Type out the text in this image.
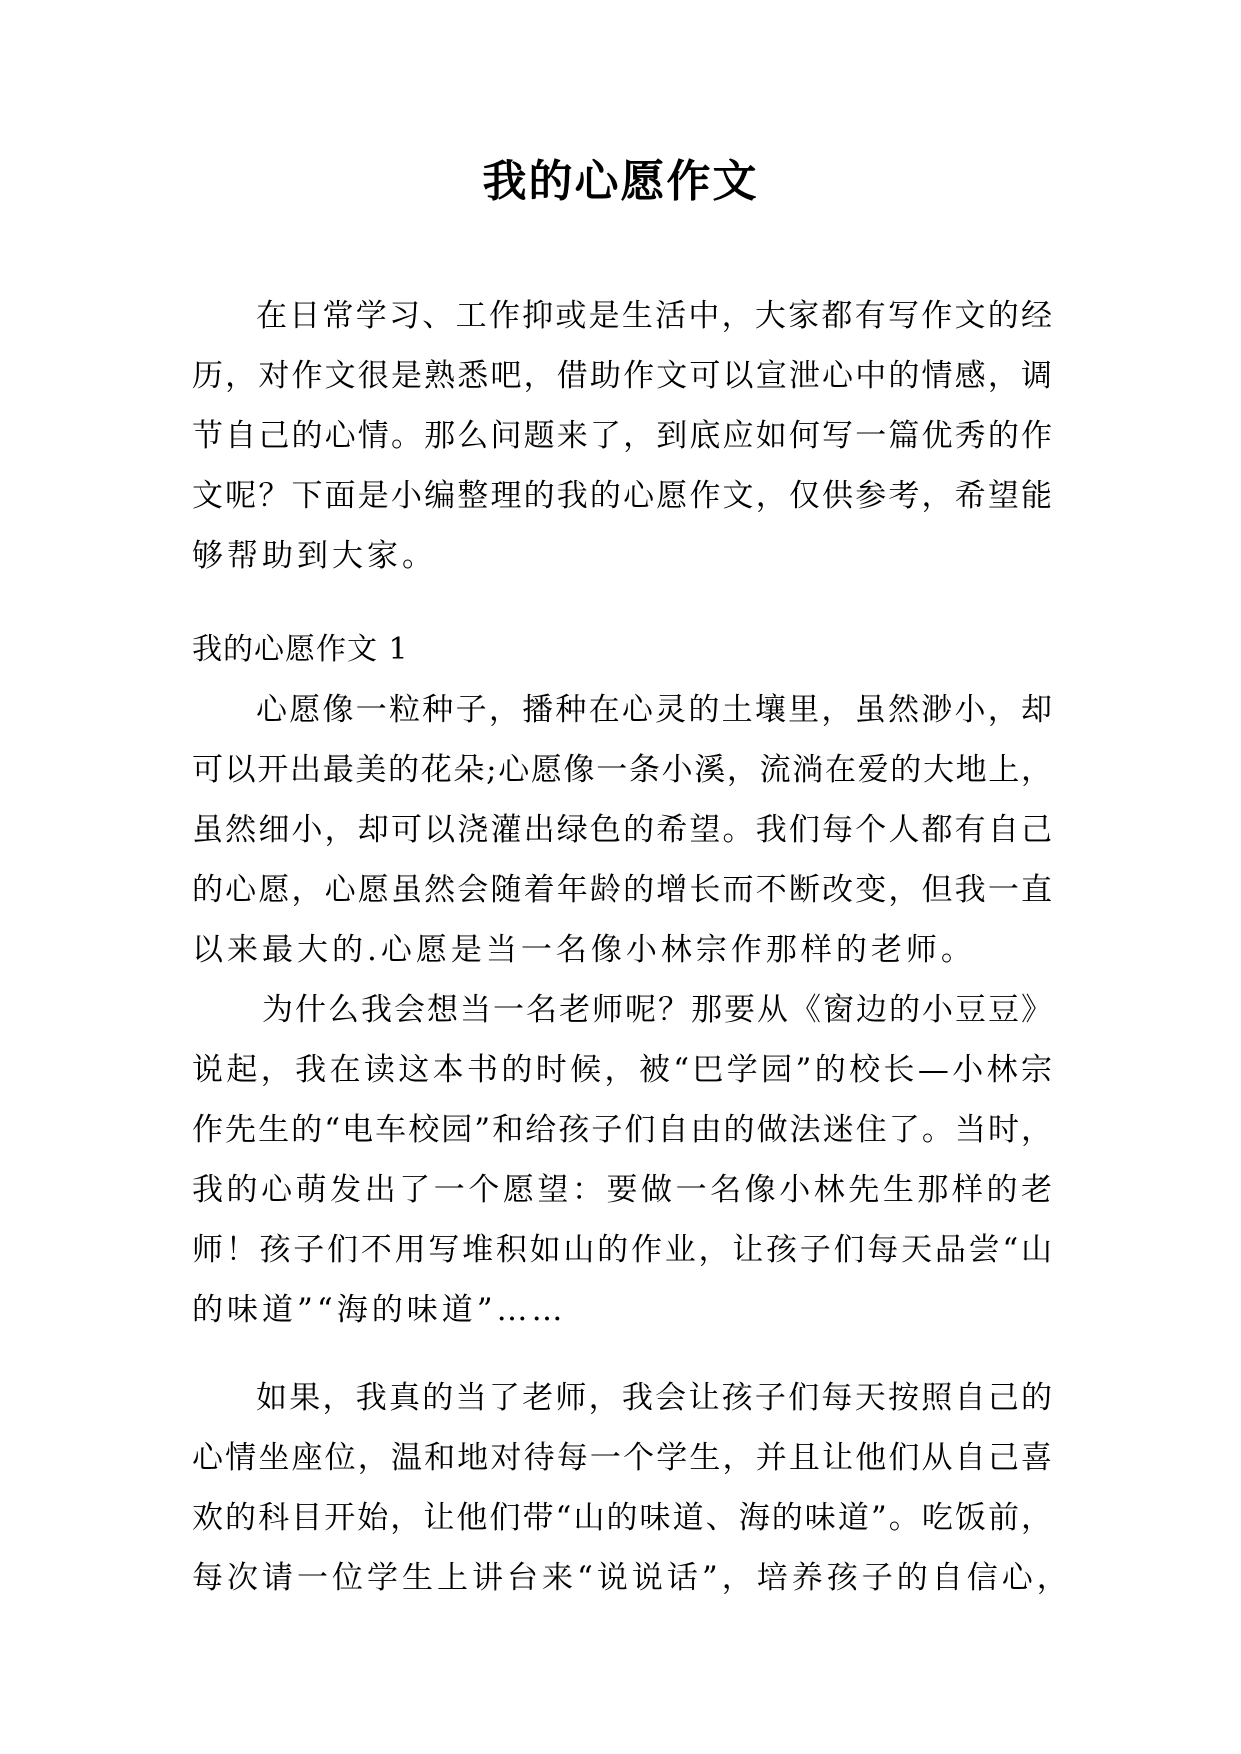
我的心愿作文
在日常学习、工作抑或是生活中，大家都有写作文的经
历，对作文很是熟悉吧，借助作文可以宣泄心中的情感，调
节自己的心情。那么问题来了，到底应如何写一篇优秀的作
文呢？下面是小编整理的我的心愿作文，仅供参考，希望能
够帮助到大家。
我的心愿作文 1
心愿像一粒种子，播种在心灵的土壤里，虽然渺小，却
可以开出最美的花朵;心愿像一条小溪，流淌在爱的大地上，
虽然细小，却可以浇灌出绿色的希望。我们每个人都有自己
的心愿，心愿虽然会随着年龄的增长而不断改变，但我一直
以来最大的.心愿是当一名像小林宗作那样的老师。
为什么我会想当一名老师呢？那要从《窗边的小豆豆》
说起，我在读这本书的时候，被“巴学园”的校长—小林宗
作先生的“电车校园”和给孩子们自由的做法迷住了。当时，
我的心萌发出了一个愿望：要做一名像小林先生那样的老
师！孩子们不用写堆积如山的作业，让孩子们每天品尝“山
的味道”“海的味道”……
如果，我真的当了老师，我会让孩子们每天按照自己的
心情坐座位，温和地对待每一个学生，并且让他们从自己喜
欢的科目开始，让他们带“山的味道、海的味道”。吃饭前，
每次请一位学生上讲台来“说说话”，培养孩子的自信心，
